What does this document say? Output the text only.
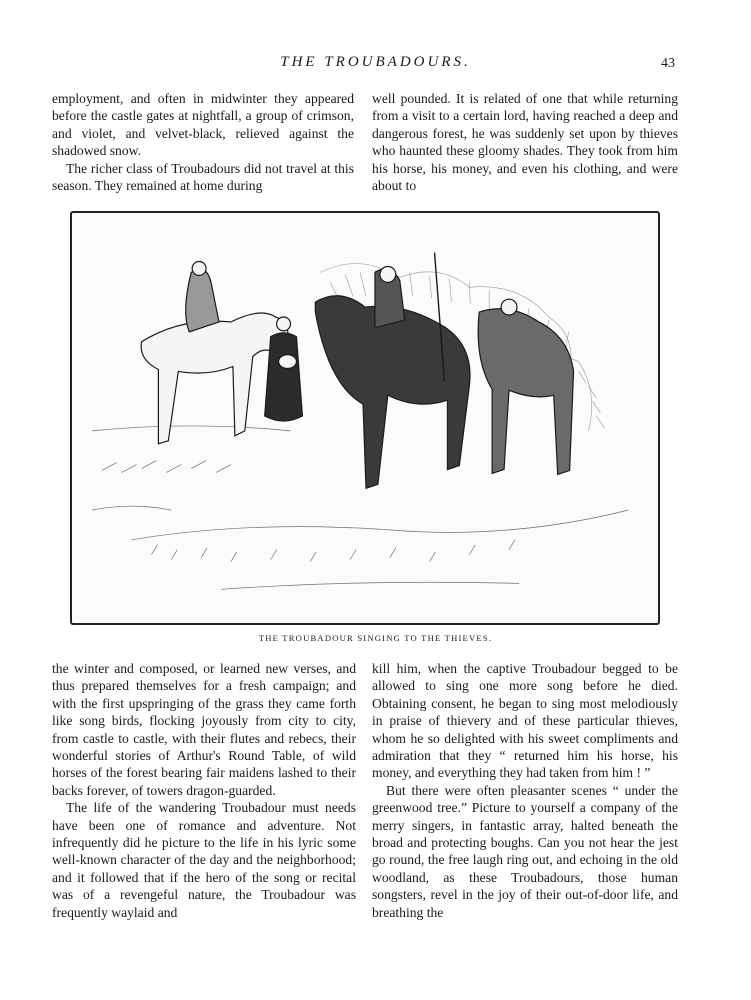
THE TROUBADOURS.	43

employment, and often in midwinter they appeared before the castle gates at nightfall, a group of crimson, and violet, and velvet-black, relieved against the shadowed snow.

The richer class of Troubadours did not travel at this season. They remained at home during

well pounded. It is related of one that while returning from a visit to a certain lord, having reached a deep and dangerous forest, he was suddenly set upon by thieves who haunted these gloomy shades. They took from him his horse, his money, and even his clothing, and were about to

THE TROUBADOUR SINGING TO THE THIEVES.

the winter and composed, or learned new verses, and thus prepared themselves for a fresh campaign; and with the first upspringing of the grass they came forth like song birds, flocking joyously from city to city, from castle to castle, with their flutes and rebecs, their wonderful stories of Arthur's Round Table, of wild horses of the forest bearing fair maidens lashed to their backs forever, of towers dragon-guarded.

The life of the wandering Troubadour must needs have been one of romance and adventure. Not infrequently did he picture to the life in his lyric some well-known character of the day and the neighborhood; and it followed that if the hero of the song or recital was of a revengeful nature, the Troubadour was frequently waylaid and

kill him, when the captive Troubadour begged to be allowed to sing one more song before he died. Obtaining consent, he began to sing most melodiously in praise of thievery and of these particular thieves, whom he so delighted with his sweet compliments and admiration that they “ returned him his horse, his money, and everything they had taken from him ! ”

But there were often pleasanter scenes “ under the greenwood tree.” Picture to yourself a company of the merry singers, in fantastic array, halted beneath the broad and protecting boughs. Can you not hear the jest go round, the free laugh ring out, and echoing in the old woodland, as these Troubadours, those human songsters, revel in the joy of their out-of-door life, and breathing the
